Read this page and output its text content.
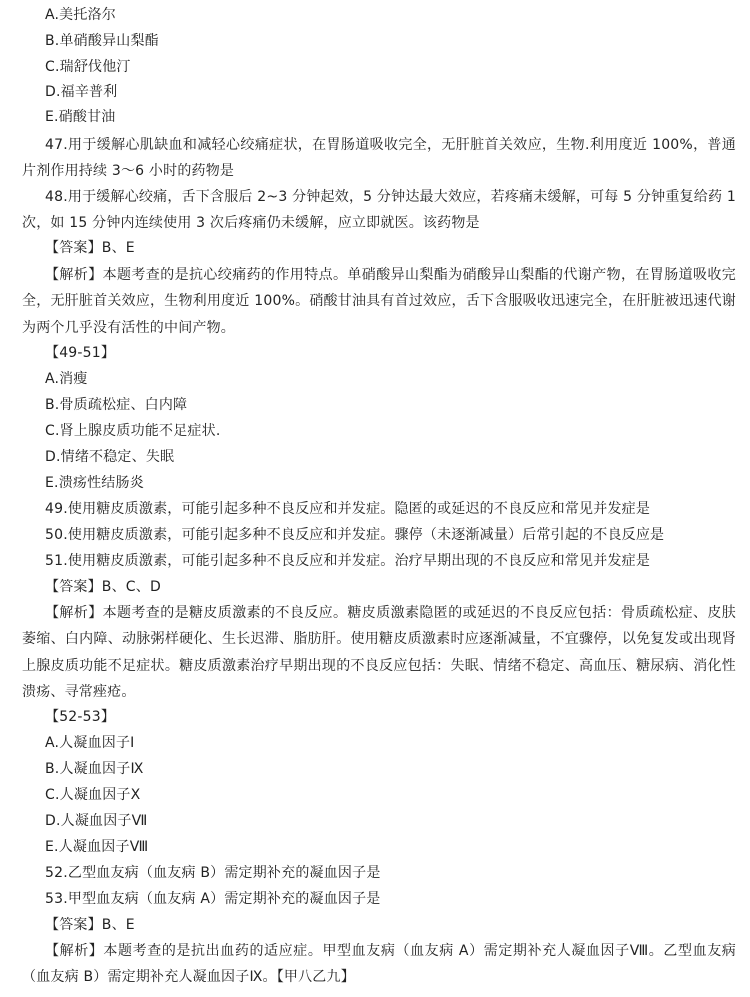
A.美托洛尔
B.单硝酸异山梨酯
C.瑞舒伐他汀
D.福辛普利
E.硝酸甘油
47.用于缓解心肌缺血和减轻心绞痛症状，在胃肠道吸收完全，无肝脏首关效应，生物.利用度近 100%，普通片剂作用持续 3～6 小时的药物是
48.用于缓解心绞痛，舌下含服后 2~3 分钟起效，5 分钟达最大效应，若疼痛未缓解，可每 5 分钟重复给药 1次，如 15 分钟内连续使用 3 次后疼痛仍未缓解，应立即就医。该药物是
【答案】B、E
【解析】本题考查的是抗心绞痛药的作用特点。单硝酸异山梨酯为硝酸异山梨酯的代谢产物，在胃肠道吸收完全，无肝脏首关效应，生物利用度近 100%。硝酸甘油具有首过效应，舌下含服吸收迅速完全，在肝脏被迅速代谢为两个几乎没有活性的中间产物。
【49-51】
A.消瘦
B.骨质疏松症、白内障
C.肾上腺皮质功能不足症状.
D.情绪不稳定、失眠
E.溃疡性结肠炎
49.使用糖皮质激素，可能引起多种不良反应和并发症。隐匿的或延迟的不良反应和常见并发症是
50.使用糖皮质激素，可能引起多种不良反应和并发症。骤停（未逐渐减量）后常引起的不良反应是
51.使用糖皮质激素，可能引起多种不良反应和并发症。治疗早期出现的不良反应和常见并发症是
【答案】B、C、D
【解析】本题考查的是糖皮质激素的不良反应。糖皮质激素隐匿的或延迟的不良反应包括：骨质疏松症、皮肤萎缩、白内障、动脉粥样硬化、生长迟滞、脂肪肝。使用糖皮质激素时应逐渐减量，不宜骤停，以免复发或出现肾上腺皮质功能不足症状。糖皮质激素治疗早期出现的不良反应包括：失眠、情绪不稳定、高血压、糖尿病、消化性溃疡、寻常痤疮。
【52-53】
A.人凝血因子Ⅰ
B.人凝血因子Ⅸ
C.人凝血因子Ⅹ
D.人凝血因子Ⅶ
E.人凝血因子Ⅷ
52.乙型血友病（血友病 B）需定期补充的凝血因子是
53.甲型血友病（血友病 A）需定期补充的凝血因子是
【答案】B、E
【解析】本题考查的是抗出血药的适应症。甲型血友病（血友病 A）需定期补充人凝血因子Ⅷ。乙型血友病（血友病 B）需定期补充人凝血因子Ⅸ。【甲八乙九】
